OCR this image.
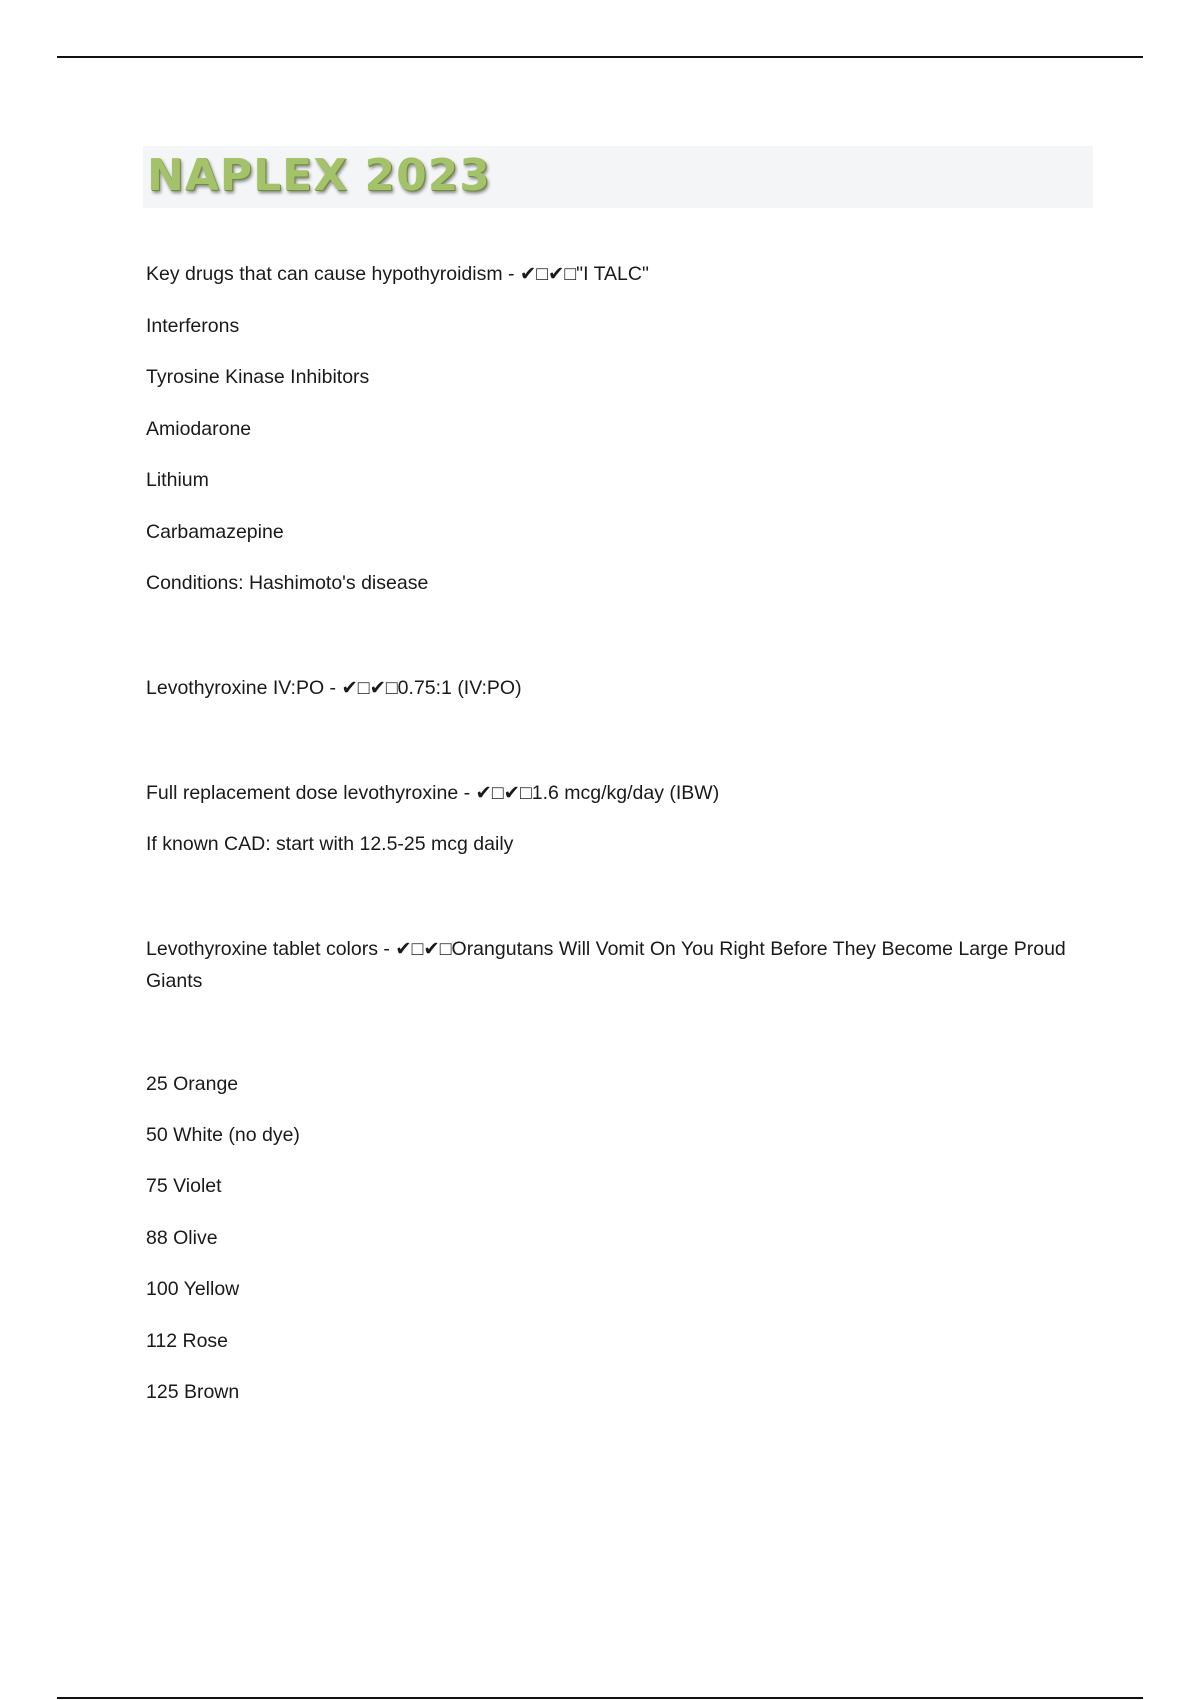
NAPLEX 2023
Key drugs that can cause hypothyroidism - ✔□✔□"I TALC"
Interferons
Tyrosine Kinase Inhibitors
Amiodarone
Lithium
Carbamazepine
Conditions: Hashimoto's disease
Levothyroxine IV:PO - ✔□✔□0.75:1 (IV:PO)
Full replacement dose levothyroxine - ✔□✔□1.6 mcg/kg/day (IBW)
If known CAD: start with 12.5-25 mcg daily
Levothyroxine tablet colors - ✔□✔□Orangutans Will Vomit On You Right Before They Become Large Proud Giants
25 Orange
50 White (no dye)
75 Violet
88 Olive
100 Yellow
112 Rose
125 Brown
